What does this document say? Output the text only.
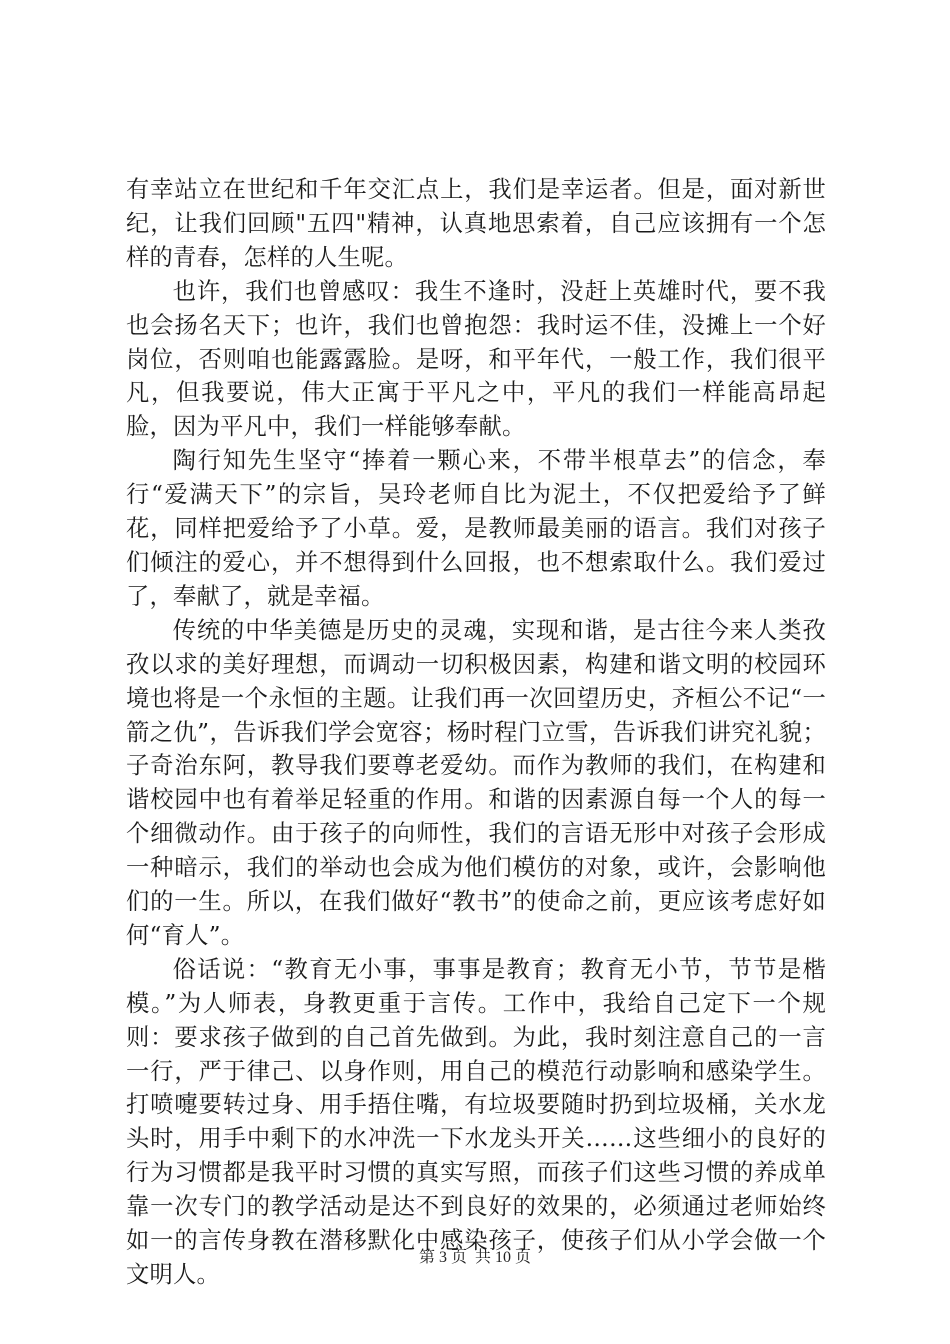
有幸站立在世纪和千年交汇点上，我们是幸运者。但是，面对新世纪，让我们回顾"五四"精神，认真地思索着，自己应该拥有一个怎样的青春，怎样的人生呢。

也许，我们也曾感叹：我生不逢时，没赶上英雄时代，要不我也会扬名天下；也许，我们也曾抱怨：我时运不佳，没摊上一个好岗位，否则咱也能露露脸。是呀，和平年代，一般工作，我们很平凡，但我要说，伟大正寓于平凡之中，平凡的我们一样能高昂起脸，因为平凡中，我们一样能够奉献。

陶行知先生坚守“捧着一颗心来，不带半根草去”的信念，奉行“爱满天下”的宗旨，吴玲老师自比为泥土，不仅把爱给予了鲜花，同样把爱给予了小草。爱，是教师最美丽的语言。我们对孩子们倾注的爱心，并不想得到什么回报，也不想索取什么。我们爱过了，奉献了，就是幸福。

传统的中华美德是历史的灵魂，实现和谐，是古往今来人类孜孜以求的美好理想，而调动一切积极因素，构建和谐文明的校园环境也将是一个永恒的主题。让我们再一次回望历史，齐桓公不记“一箭之仇”，告诉我们学会宽容；杨时程门立雪，告诉我们讲究礼貌；子奇治东阿，教导我们要尊老爱幼。而作为教师的我们，在构建和谐校园中也有着举足轻重的作用。和谐的因素源自每一个人的每一个细微动作。由于孩子的向师性，我们的言语无形中对孩子会形成一种暗示，我们的举动也会成为他们模仿的对象，或许，会影响他们的一生。所以，在我们做好“教书”的使命之前，更应该考虑好如何“育人”。

俗话说：“教育无小事，事事是教育；教育无小节，节节是楷模。”为人师表，身教更重于言传。工作中，我给自己定下一个规则：要求孩子做到的自己首先做到。为此，我时刻注意自己的一言一行，严于律己、以身作则，用自己的模范行动影响和感染学生。打喷嚏要转过身、用手捂住嘴，有垃圾要随时扔到垃圾桶，关水龙头时，用手中剩下的水冲洗一下水龙头开关……这些细小的良好的行为习惯都是我平时习惯的真实写照，而孩子们这些习惯的养成单靠一次专门的教学活动是达不到良好的效果的，必须通过老师始终如一的言传身教在潜移默化中感染孩子，使孩子们从小学会做一个文明人。

第 3 页  共 10 页
